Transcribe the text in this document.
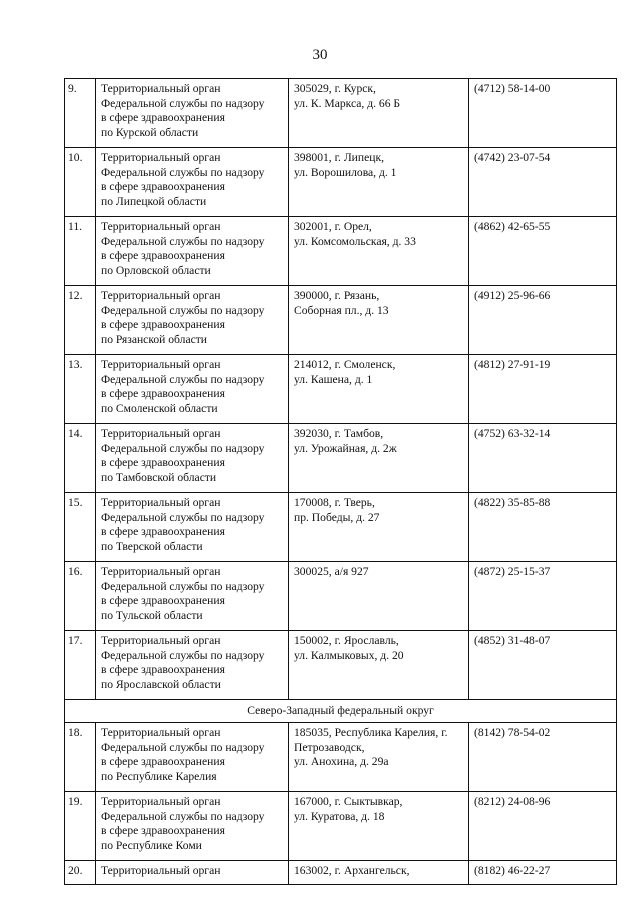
30
9.	Территориальный орган
Федеральной службы по надзору
в сфере здравоохранения
по Курской области	305029, г. Курск,
ул. К. Маркса, д. 66 Б	(4712) 58-14-00
10.	Территориальный орган
Федеральной службы по надзору
в сфере здравоохранения
по Липецкой области	398001, г. Липецк,
ул. Ворошилова, д. 1	(4742) 23-07-54
11.	Территориальный орган
Федеральной службы по надзору
в сфере здравоохранения
по Орловской области	302001, г. Орел,
ул. Комсомольская, д. 33	(4862) 42-65-55
12.	Территориальный орган
Федеральной службы по надзору
в сфере здравоохранения
по Рязанской области	390000, г. Рязань,
Соборная пл., д. 13	(4912) 25-96-66
13.	Территориальный орган
Федеральной службы по надзору
в сфере здравоохранения
по Смоленской области	214012, г. Смоленск,
ул. Кашена, д. 1	(4812) 27-91-19
14.	Территориальный орган
Федеральной службы по надзору
в сфере здравоохранения
по Тамбовской области	392030, г. Тамбов,
ул. Урожайная, д. 2ж	(4752) 63-32-14
15.	Территориальный орган
Федеральной службы по надзору
в сфере здравоохранения
по Тверской области	170008, г. Тверь,
пр. Победы, д. 27	(4822) 35-85-88
16.	Территориальный орган
Федеральной службы по надзору
в сфере здравоохранения
по Тульской области	300025, а/я 927	(4872) 25-15-37
17.	Территориальный орган
Федеральной службы по надзору
в сфере здравоохранения
по Ярославской области	150002, г. Ярославль,
ул. Калмыковых, д. 20	(4852) 31-48-07
Северо-Западный федеральный округ			
18.	Территориальный орган
Федеральной службы по надзору
в сфере здравоохранения
по Республике Карелия	185035, Республика Карелия, г.
Петрозаводск,
ул. Анохина, д. 29а	(8142) 78-54-02
19.	Территориальный орган
Федеральной службы по надзору
в сфере здравоохранения
по Республике Коми	167000, г. Сыктывкар,
ул. Куратова, д. 18	(8212) 24-08-96
20.	Территориальный орган	163002, г. Архангельск,	(8182) 46-22-27
